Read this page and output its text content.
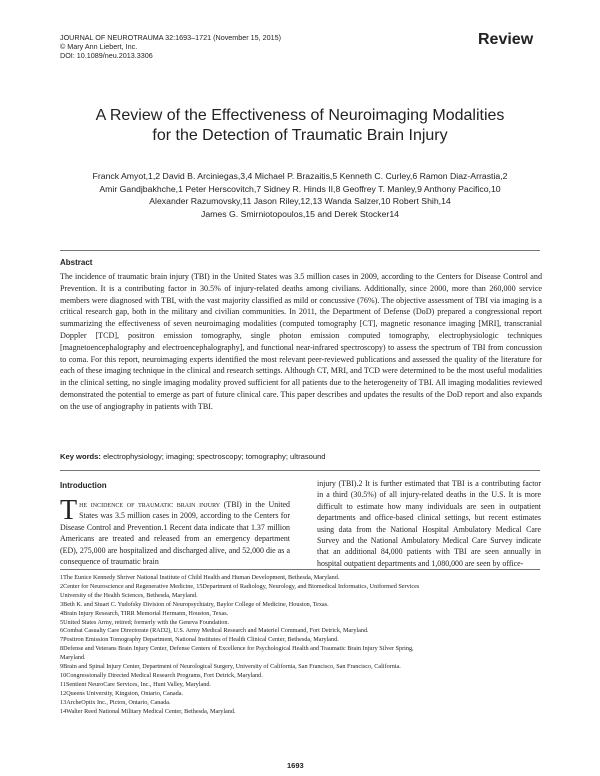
JOURNAL OF NEUROTRAUMA 32:1693–1721 (November 15, 2015)
© Mary Ann Liebert, Inc.
DOI: 10.1089/neu.2013.3306
Review
A Review of the Effectiveness of Neuroimaging Modalities
for the Detection of Traumatic Brain Injury
Franck Amyot,1,2 David B. Arciniegas,3,4 Michael P. Brazaitis,5 Kenneth C. Curley,6 Ramon Diaz-Arrastia,2
Amir Gandjbakhche,1 Peter Herscovitch,7 Sidney R. Hinds II,8 Geoffrey T. Manley,9 Anthony Pacifico,10
Alexander Razumovsky,11 Jason Riley,12,13 Wanda Salzer,10 Robert Shih,14
James G. Smirniotopoulos,15 and Derek Stocker14
Abstract
The incidence of traumatic brain injury (TBI) in the United States was 3.5 million cases in 2009, according to the Centers for Disease Control and Prevention. It is a contributing factor in 30.5% of injury-related deaths among civilians. Additionally, since 2000, more than 260,000 service members were diagnosed with TBI, with the vast majority classified as mild or concussive (76%). The objective assessment of TBI via imaging is a critical research gap, both in the military and civilian communities. In 2011, the Department of Defense (DoD) prepared a congressional report summarizing the effectiveness of seven neuroimaging modalities (computed tomography [CT], magnetic resonance imaging [MRI], transcranial Doppler [TCD], positron emission tomography, single photon emission computed tomography, electrophysiologic techniques [magnetoencephalography and electroencephalography], and functional near-infrared spectroscopy) to assess the spectrum of TBI from concussion to coma. For this report, neuroimaging experts identified the most relevant peer-reviewed publications and assessed the quality of the literature for each of these imaging technique in the clinical and research settings. Although CT, MRI, and TCD were determined to be the most useful modalities in the clinical setting, no single imaging modality proved sufficient for all patients due to the heterogeneity of TBI. All imaging modalities reviewed demonstrated the potential to emerge as part of future clinical care. This paper describes and updates the results of the DoD report and also expands on the use of angiography in patients with TBI.
Key words: electrophysiology; imaging; spectroscopy; tomography; ultrasound
Introduction
The incidence of traumatic brain injury (TBI) in the United States was 3.5 million cases in 2009, according to the Centers for Disease Control and Prevention.1 Recent data indicate that 1.37 million Americans are treated and released from an emergency department (ED), 275,000 are hospitalized and discharged alive, and 52,000 die as a consequence of traumatic brain
injury (TBI).2 It is further estimated that TBI is a contributing factor in a third (30.5%) of all injury-related deaths in the U.S. It is more difficult to estimate how many individuals are seen in outpatient departments and office-based clinical settings, but recent estimates using data from the National Hospital Ambulatory Medical Care Survey and the National Ambulatory Medical Care Survey indicate that an additional 84,000 patients with TBI are seen annually in hospital outpatient departments and 1,080,000 are seen by office-
1The Eunice Kennedy Shriver National Institute of Child Health and Human Development, Bethesda, Maryland.
2Center for Neuroscience and Regenerative Medicine, 15Department of Radiology, Neurology, and Biomedical Informatics, Uniformed Services
University of the Health Sciences, Bethesda, Maryland.
3Beth K. and Stuart C. Yudofsky Division of Neuropsychiatry, Baylor College of Medicine, Houston, Texas.
4Brain Injury Research, TIRR Memorial Hermann, Houston, Texas.
5United States Army, retired; formerly with the Geneva Foundation.
6Combat Casualty Care Directorate (RAD2), U.S. Army Medical Research and Materiel Command, Fort Detrick, Maryland.
7Positron Emission Tomography Department, National Institutes of Health Clinical Center, Bethesda, Maryland.
8Defense and Veterans Brain Injury Center, Defense Centers of Excellence for Psychological Health and Traumatic Brain Injury Silver Spring,
Maryland.
9Brain and Spinal Injury Center, Department of Neurological Surgery, University of California, San Francisco, San Francisco, California.
10Congressionally Directed Medical Research Programs, Fort Detrick, Maryland.
11Sentient NeuroCare Services, Inc., Hunt Valley, Maryland.
12Queens University, Kingston, Ontario, Canada.
13ArcheOptix Inc., Picton, Ontario, Canada.
14Walter Reed National Military Medical Center, Bethesda, Maryland.
1693
